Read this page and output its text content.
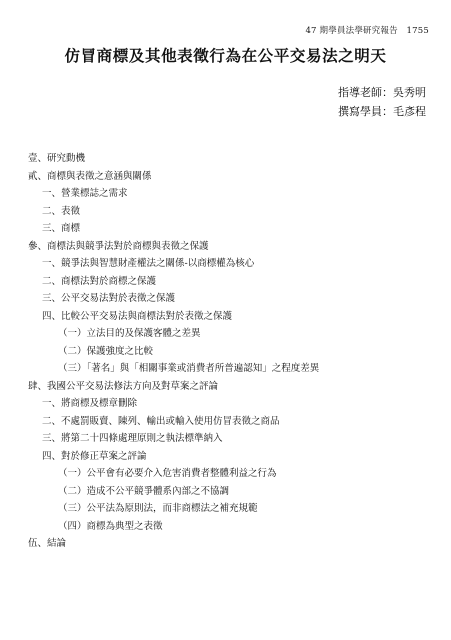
47 期學員法學研究報告　1755
仿冒商標及其他表徵行為在公平交易法之明天
指導老師：吳秀明
撰寫學員：毛彥程
壹、研究動機
貳、商標與表徵之意涵與關係
一、營業標誌之需求
二、表徵
三、商標
參、商標法與競爭法對於商標與表徵之保護
一、競爭法與智慧財產權法之關係-以商標權為核心
二、商標法對於商標之保護
三、公平交易法對於表徵之保護
四、比較公平交易法與商標法對於表徵之保護
（一）立法目的及保護客體之差異
（二）保護強度之比較
（三）「著名」與「相關事業或消費者所普遍認知」之程度差異
肆、我國公平交易法修法方向及對草案之評論
一、將商標及標章刪除
二、不處罰販賣、陳列、輸出或輸入使用仿冒表徵之商品
三、將第二十四條處理原則之執法標準納入
四、對於修正草案之評論
（一）公平會有必要介入危害消費者整體利益之行為
（二）造成不公平競爭體系內部之不協調
（三）公平法為原則法，而非商標法之補充規範
（四）商標為典型之表徵
伍、結論
